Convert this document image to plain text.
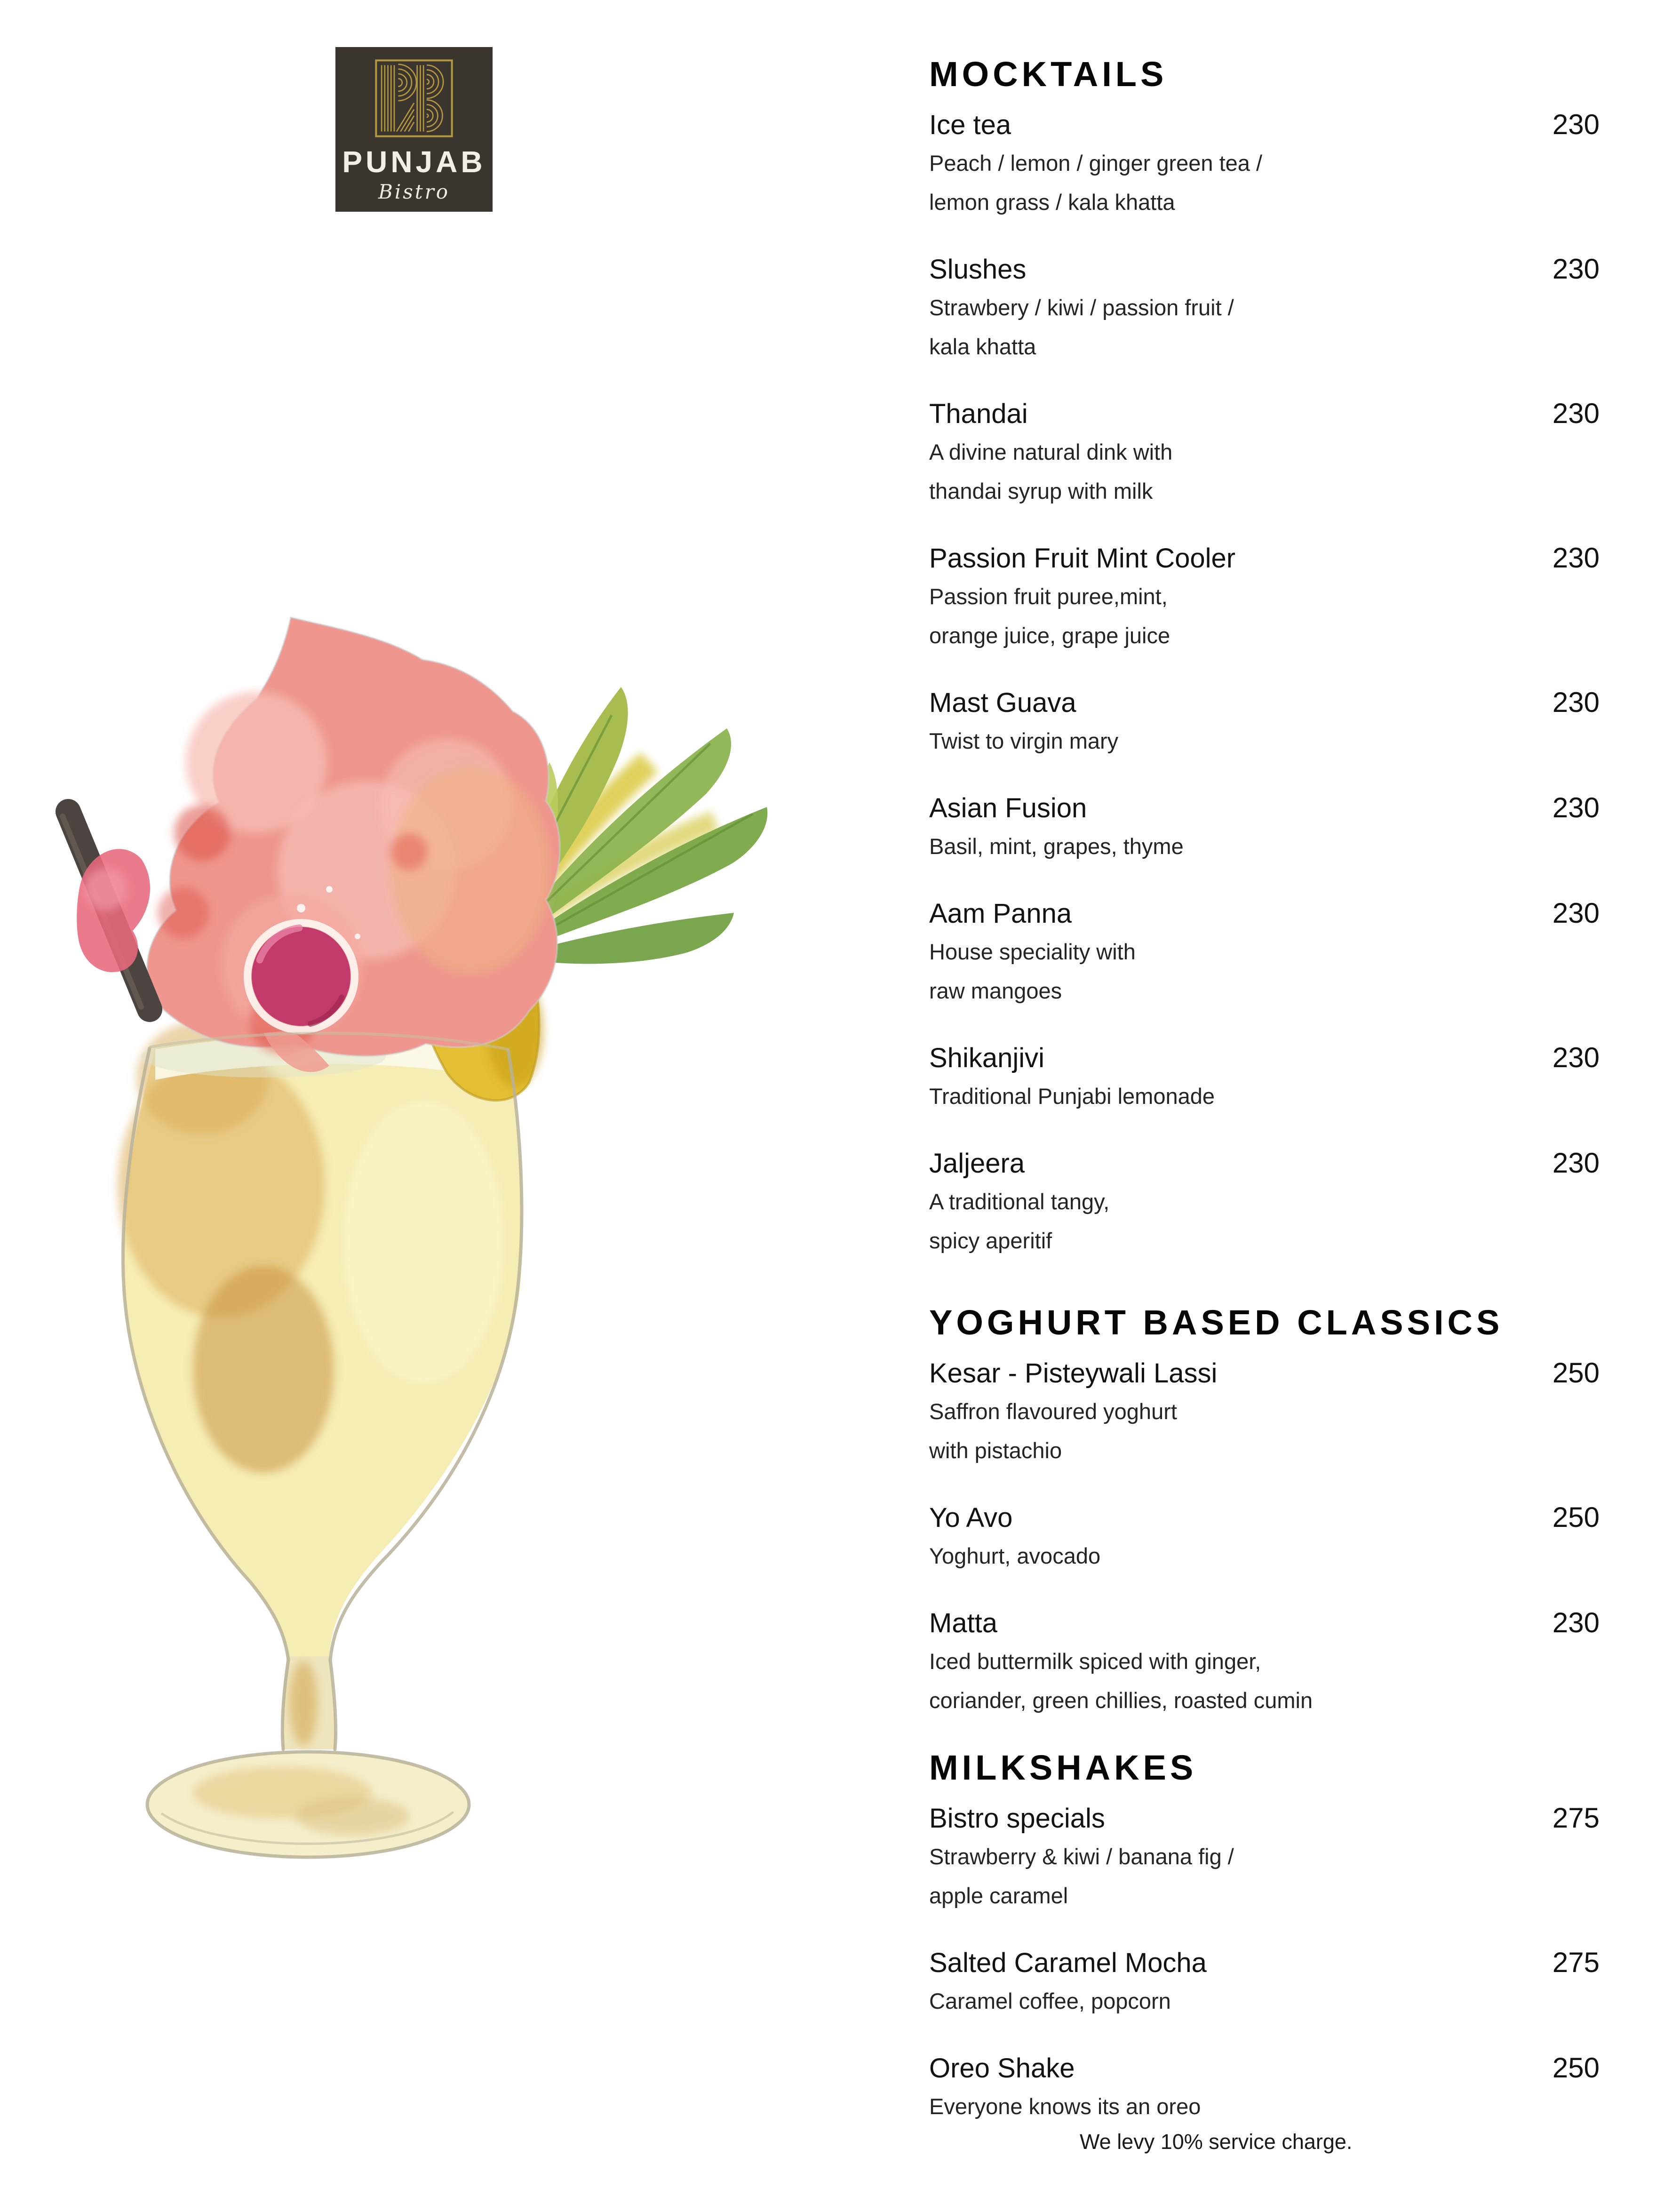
PUNJAB
Bistro
MOCKTAILS
Ice tea	230
Peach / lemon / ginger green tea /
lemon grass / kala khatta
Slushes	230
Strawbery / kiwi / passion fruit /
kala khatta
Thandai	230
A divine natural dink with
thandai syrup with milk
Passion Fruit Mint Cooler	230
Passion fruit puree,mint,
orange juice, grape juice
Mast Guava	230
Twist to virgin mary
Asian Fusion	230
Basil, mint, grapes, thyme
Aam Panna	230
House speciality with
raw mangoes
Shikanjivi	230
Traditional Punjabi lemonade
Jaljeera	230
A traditional tangy,
spicy aperitif
YOGHURT BASED CLASSICS
Kesar - Pisteywali Lassi	250
Saffron flavoured yoghurt
with pistachio
Yo Avo	250
Yoghurt, avocado
Matta	230
Iced buttermilk spiced with ginger,
coriander, green chillies, roasted cumin
MILKSHAKES
Bistro specials	275
Strawberry & kiwi / banana fig /
apple caramel
Salted Caramel Mocha	275
Caramel coffee, popcorn
Oreo Shake	250
Everyone knows its an oreo
We levy 10% service charge.
